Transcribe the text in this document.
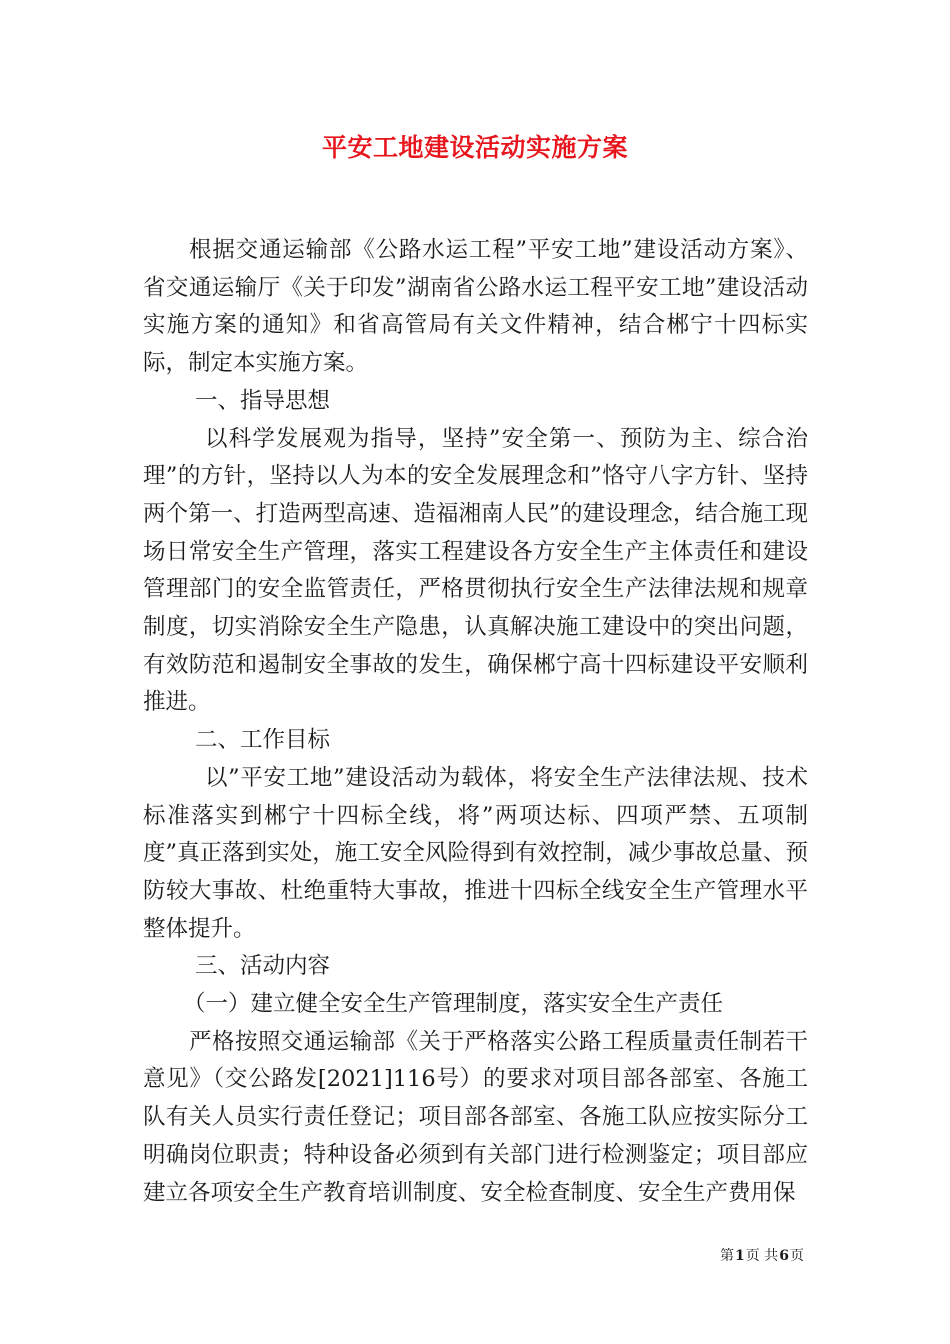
平安工地建设活动实施方案

根据交通运输部《公路水运工程”平安工地”建设活动方案》、省交通运输厅《关于印发”湖南省公路水运工程平安工地”建设活动实施方案的通知》和省高管局有关文件精神，结合郴宁十四标实际，制定本实施方案。

一、指导思想

以科学发展观为指导，坚持”安全第一、预防为主、综合治理”的方针，坚持以人为本的安全发展理念和”恪守八字方针、坚持两个第一、打造两型高速、造福湘南人民”的建设理念，结合施工现场日常安全生产管理，落实工程建设各方安全生产主体责任和建设管理部门的安全监管责任，严格贯彻执行安全生产法律法规和规章制度，切实消除安全生产隐患，认真解决施工建设中的突出问题，有效防范和遏制安全事故的发生，确保郴宁高十四标建设平安顺利推进。

二、工作目标

以”平安工地”建设活动为载体，将安全生产法律法规、技术标准落实到郴宁十四标全线，将”两项达标、四项严禁、五项制度”真正落到实处，施工安全风险得到有效控制，减少事故总量、预防较大事故、杜绝重特大事故，推进十四标全线安全生产管理水平整体提升。

三、活动内容

（一）建立健全安全生产管理制度，落实安全生产责任

严格按照交通运输部《关于严格落实公路工程质量责任制若干意见》（交公路发[2021]116号）的要求对项目部各部室、各施工队有关人员实行责任登记；项目部各部室、各施工队应按实际分工明确岗位职责；特种设备必须到有关部门进行检测鉴定；项目部应建立各项安全生产教育培训制度、安全检查制度、安全生产费用保

第1页 共6页
